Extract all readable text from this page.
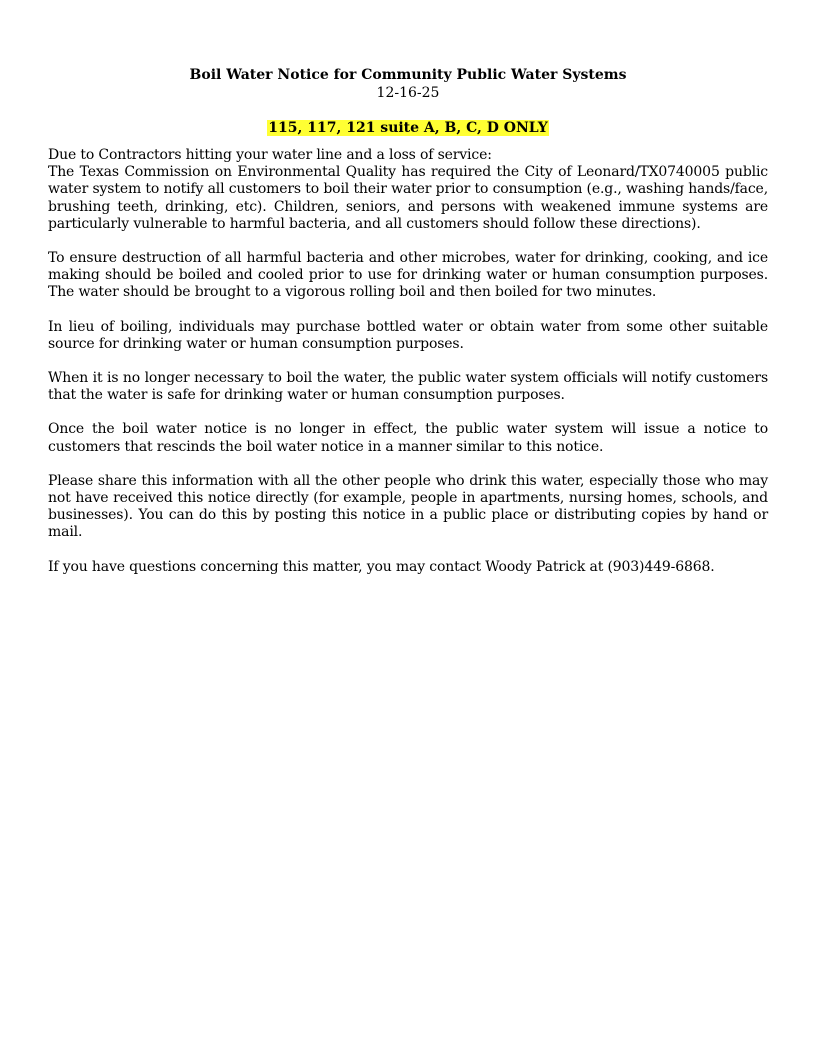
Boil Water Notice for Community Public Water Systems
12-16-25
115, 117, 121 suite A, B, C, D ONLY

Due to Contractors hitting your water line and a loss of service:

The Texas Commission on Environmental Quality has required the City of Leonard/TX0740005 public water system to notify all customers to boil their water prior to consumption (e.g., washing hands/face, brushing teeth, drinking, etc). Children, seniors, and persons with weakened immune systems are particularly vulnerable to harmful bacteria, and all customers should follow these directions).

To ensure destruction of all harmful bacteria and other microbes, water for drinking, cooking, and ice making should be boiled and cooled prior to use for drinking water or human consumption purposes. The water should be brought to a vigorous rolling boil and then boiled for two minutes.

In lieu of boiling, individuals may purchase bottled water or obtain water from some other suitable source for drinking water or human consumption purposes.

When it is no longer necessary to boil the water, the public water system officials will notify customers that the water is safe for drinking water or human consumption purposes.

Once the boil water notice is no longer in effect, the public water system will issue a notice to customers that rescinds the boil water notice in a manner similar to this notice.

Please share this information with all the other people who drink this water, especially those who may not have received this notice directly (for example, people in apartments, nursing homes, schools, and businesses). You can do this by posting this notice in a public place or distributing copies by hand or mail.

If you have questions concerning this matter, you may contact Woody Patrick at (903)449-6868.
